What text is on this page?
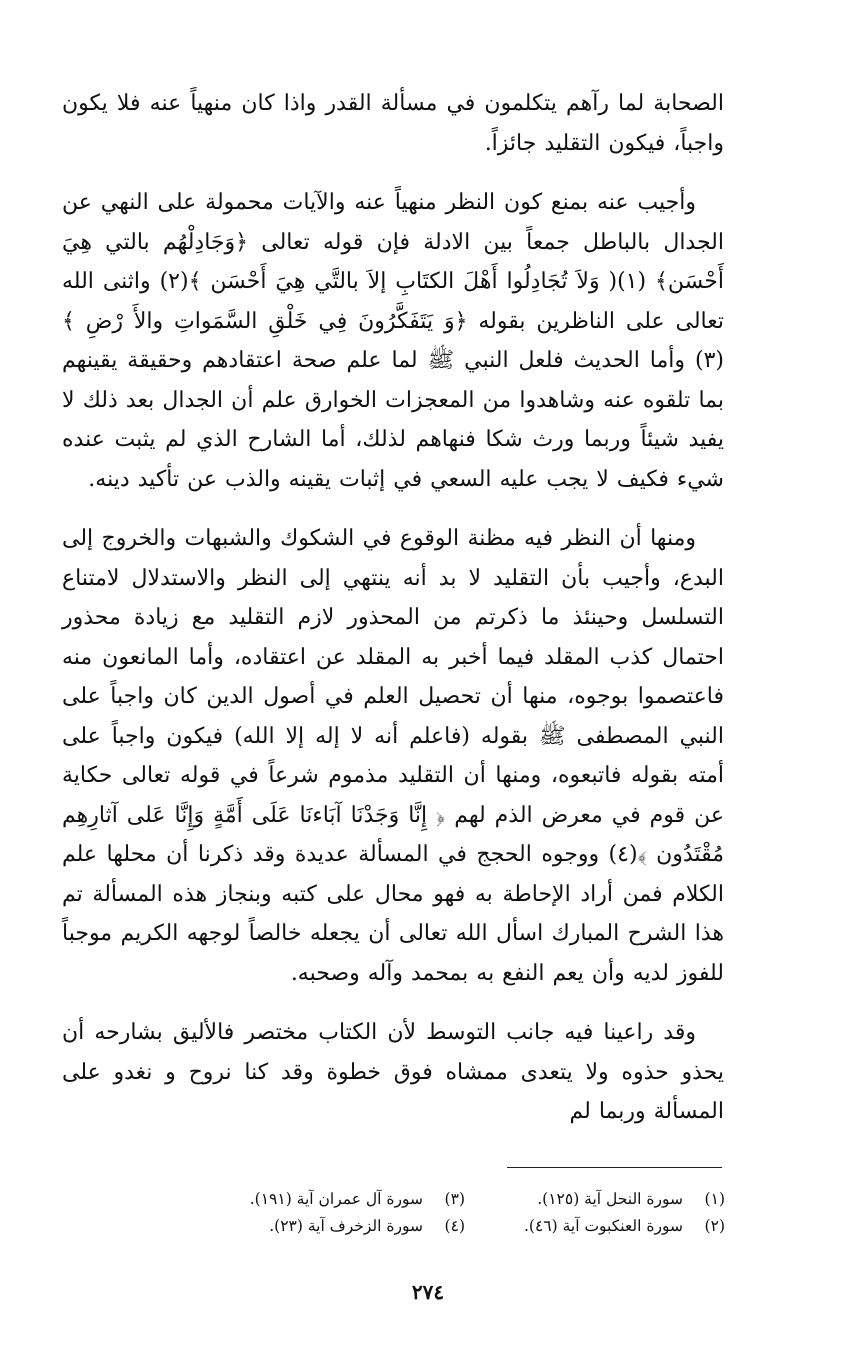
الصحابة لما رآهم يتكلمون في مسألة القدر واذا كان منهياً عنه فلا يكون واجباً، فيكون التقليد جائزاً.

وأجيب عنه بمنع كون النظر منهياً عنه والآيات محمولة على النهي عن الجدال بالباطل جمعاً بين الادلة فإن قوله تعالى ﴿وَجَادِلْهُم بالتي هِيَ أَحْسَن﴾ (١)( وَلاَ تُجَادِلُوا أَهْلَ الكتَابِ إلاَ بالتَّي هِيَ أَحْسَن ﴾(٢) واثنى الله تعالى على الناظرين بقوله ﴿وَ يَتَفَكَّرُونَ فِي خَلْقِ السَّمَواتِ والأَ رْضِ ﴾ (٣) وأما الحديث فلعل النبي ﷺ لما علم صحة اعتقادهم وحقيقة يقينهم بما تلقوه عنه وشاهدوا من المعجزات الخوارق علم أن الجدال بعد ذلك لا يفيد شيئاً وربما ورث شكا فنهاهم لذلك، أما الشارح الذي لم يثبت عنده شيء فكيف لا يجب عليه السعي في إثبات يقينه والذب عن تأكيد دينه.

ومنها أن النظر فيه مظنة الوقوع في الشكوك والشبهات والخروج إلى البدع، وأجيب بأن التقليد لا بد أنه ينتهي إلى النظر والاستدلال لامتناع التسلسل وحينئذ ما ذكرتم من المحذور لازم التقليد مع زيادة محذور احتمال كذب المقلد فيما أخبر به المقلد عن اعتقاده، وأما المانعون منه فاعتصموا بوجوه، منها أن تحصيل العلم في أصول الدين كان واجباً على النبي المصطفى ﷺ بقوله (فاعلم أنه لا إله إلا الله) فيكون واجباً على أمته بقوله فاتبعوه، ومنها أن التقليد مذموم شرعاً في قوله تعالى حكاية عن قوم في معرض الذم لهم ﴿ إِنَّا وَجَدْنَا آبَاءنَا عَلَى أَمَّةٍ وَإِنَّا عَلى آثارِهِم مُقْتَدُون ﴾(٤) ووجوه الحجج في المسألة عديدة وقد ذكرنا أن محلها علم الكلام فمن أراد الإحاطة به فهو محال على كتبه وبنجاز هذه المسألة تم هذا الشرح المبارك اسأل الله تعالى أن يجعله خالصاً لوجهه الكريم موجباً للفوز لديه وأن يعم النفع به بمحمد وآله وصحبه.

وقد راعينا فيه جانب التوسط لأن الكتاب مختصر فالأليق بشارحه أن يحذو حذوه ولا يتعدى ممشاه فوق خطوة وقد كنا نروح و نغدو على المسألة وربما لم

(١)
سورة النحل آية (١٢٥).
(٣)
سورة آل عمران آية (١٩١).
(٢)
سورة العنكبوت آية (٤٦).
(٤)
سورة الزخرف آية (٢٣).
٢٧٤
